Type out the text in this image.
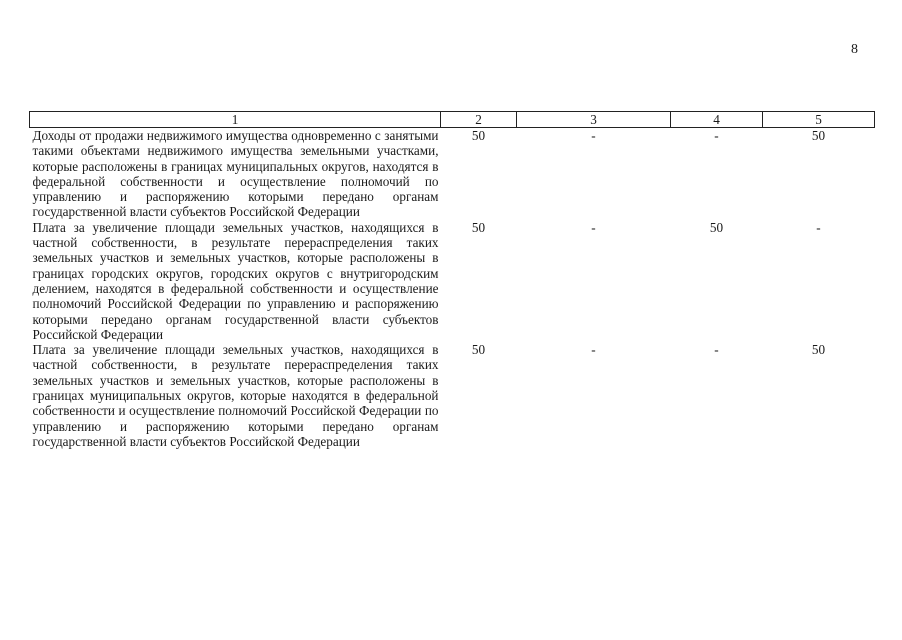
8
1	2	3	4	5
Доходы от продажи недвижимого имущества одновременно с занятыми такими объектами недвижимого имущества земельными участками, которые расположены в границах муниципальных округов, находятся в федеральной собственности и осуществление полномочий по управлению и распоряжению которыми передано органам государственной власти субъектов Российской Федерации	50	-	-	50
Плата за увеличение площади земельных участков, находящихся в частной собственности, в результате перераспределения таких земельных участков и земельных участков, которые расположены в границах городских округов, городских округов с внутригородским делением, находятся в федеральной собственности и осуществление полномочий Российской Федерации по управлению и распоряжению которыми передано органам государственной власти субъектов Российской Федерации	50	-	50	-
Плата за увеличение площади земельных участков, находящихся в частной собственности, в результате перераспределения таких земельных участков и земельных участков, которые расположены в границах муниципальных округов, которые находятся в федеральной собственности и осуществление полномочий Российской Федерации по управлению и распоряжению которыми передано органам государственной власти субъектов Российской Федерации	50	-	-	50
